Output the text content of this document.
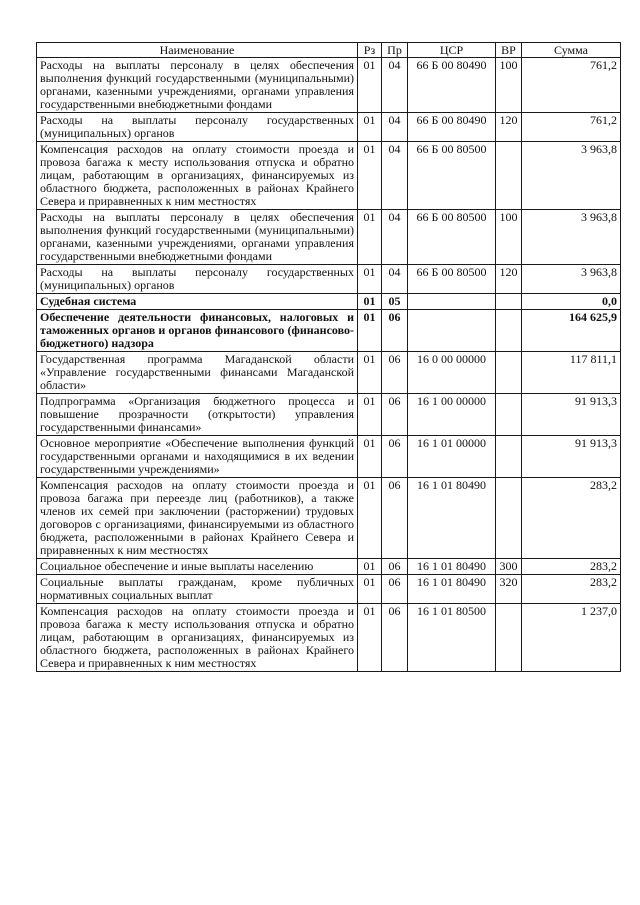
Наименование	Рз	Пр	ЦСР	ВР	Сумма
Расходы на выплаты персоналу в целях обеспечения выполнения функций государственными (муниципальными) органами, казенными учреждениями, органами управления государственными внебюджетными фондами	01	04	66 Б 00 80490	100	761,2
Расходы на выплаты персоналу государственных (муниципальных) органов	01	04	66 Б 00 80490	120	761,2
Компенсация расходов на оплату стоимости проезда и провоза багажа к месту использования отпуска и обратно лицам, работающим в организациях, финансируемых из областного бюджета, расположенных в районах Крайнего Севера и приравненных к ним местностях	01	04	66 Б 00 80500		3 963,8
Расходы на выплаты персоналу в целях обеспечения выполнения функций государственными (муниципальными) органами, казенными учреждениями, органами управления государственными внебюджетными фондами	01	04	66 Б 00 80500	100	3 963,8
Расходы на выплаты персоналу государственных (муниципальных) органов	01	04	66 Б 00 80500	120	3 963,8
Судебная система	01	05			0,0
Обеспечение деятельности финансовых, налоговых и таможенных органов и органов финансового (финансово-бюджетного) надзора	01	06			164 625,9
Государственная программа Магаданской области «Управление государственными финансами Магаданской области»	01	06	16 0 00 00000		117 811,1
Подпрограмма «Организация бюджетного процесса и повышение прозрачности (открытости) управления государственными финансами»	01	06	16 1 00 00000		91 913,3
Основное мероприятие «Обеспечение выполнения функций государственными органами и находящимися в их ведении государственными учреждениями»	01	06	16 1 01 00000		91 913,3
Компенсация расходов на оплату стоимости проезда и провоза багажа при переезде лиц (работников), а также членов их семей при заключении (расторжении) трудовых договоров с организациями, финансируемыми из областного бюджета, расположенными в районах Крайнего Севера и приравненных к ним местностях	01	06	16 1 01 80490		283,2
Социальное обеспечение и иные выплаты населению	01	06	16 1 01 80490	300	283,2
Социальные выплаты гражданам, кроме публичных нормативных социальных выплат	01	06	16 1 01 80490	320	283,2
Компенсация расходов на оплату стоимости проезда и провоза багажа к месту использования отпуска и обратно лицам, работающим в организациях, финансируемых из областного бюджета, расположенных в районах Крайнего Севера и приравненных к ним местностях	01	06	16 1 01 80500		1 237,0
